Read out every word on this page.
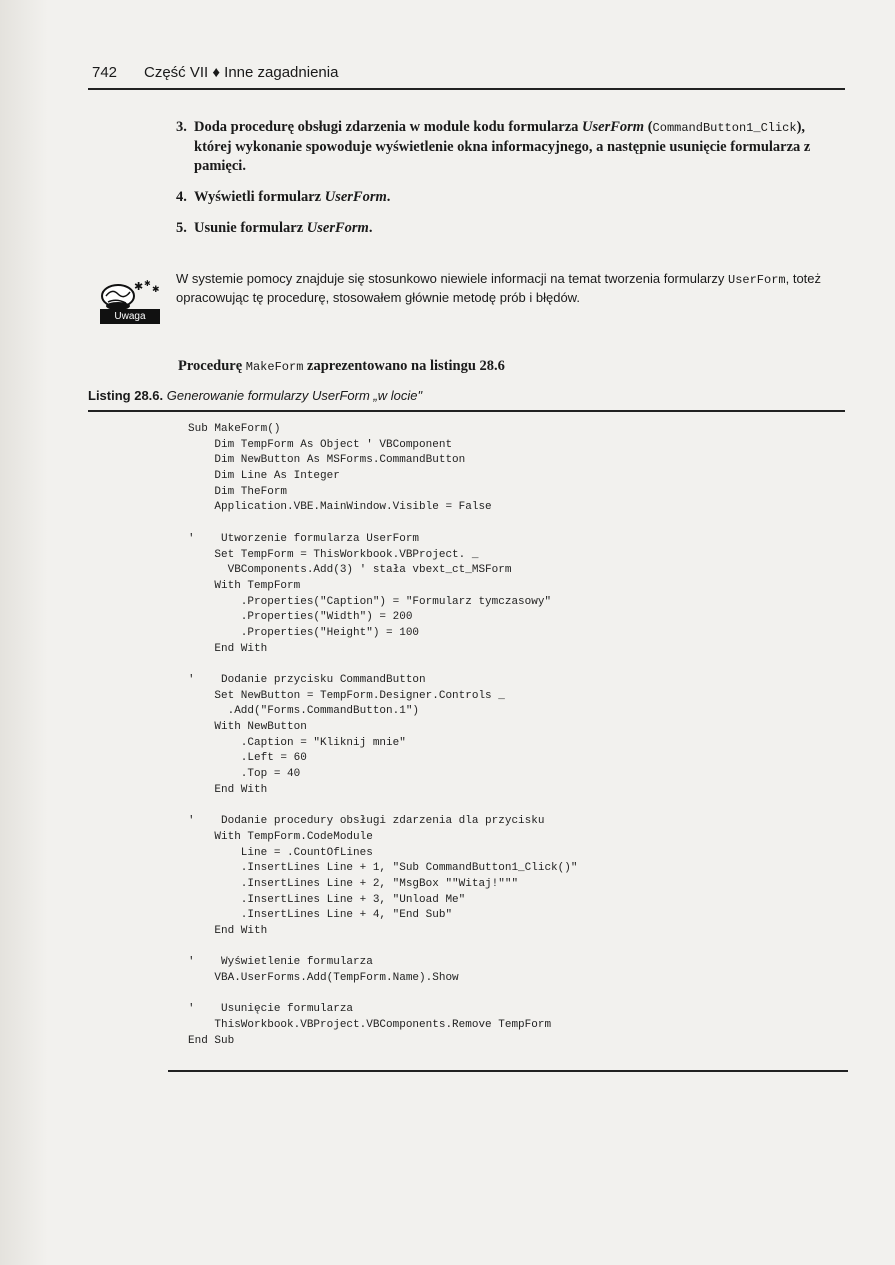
742 Część VII ♦ Inne zagadnienia
3. Doda procedurę obsługi zdarzenia w module kodu formularza UserForm (CommandButton1_Click), której wykonanie spowoduje wyświetlenie okna informacyjnego, a następnie usunięcie formularza z pamięci.
4. Wyświetli formularz UserForm.
5. Usunie formularz UserForm.
✱ ✱
✱
Uwaga
W systemie pomocy znajduje się stosunkowo niewiele informacji na temat tworzenia formularzy UserForm, toteż opracowując tę procedurę, stosowałem głównie metodę prób i błędów.
Procedurę MakeForm zaprezentowano na listingu 28.6
Listing 28.6. Generowanie formularzy UserForm „w locie"
Sub MakeForm()
Dim TempForm As Object ' VBComponent
Dim NewButton As MSForms.CommandButton
Dim Line As Integer
Dim TheForm
Application.VBE.MainWindow.Visible = False
'    Utworzenie formularza UserForm
Set TempForm = ThisWorkbook.VBProject. _
VBComponents.Add(3) ' stała vbext_ct_MSForm
With TempForm
.Properties("Caption") = "Formularz tymczasowy"
.Properties("Width") = 200
.Properties("Height") = 100
End With
'    Dodanie przycisku CommandButton
Set NewButton = TempForm.Designer.Controls _
.Add("Forms.CommandButton.1")
With NewButton
.Caption = "Kliknij mnie"
.Left = 60
.Top = 40
End With
'    Dodanie procedury obsługi zdarzenia dla przycisku
With TempForm.CodeModule
Line = .CountOfLines
.InsertLines Line + 1, "Sub CommandButton1_Click()"
.InsertLines Line + 2, "MsgBox ""Witaj!"""
.InsertLines Line + 3, "Unload Me"
.InsertLines Line + 4, "End Sub"
End With
'    Wyświetlenie formularza
VBA.UserForms.Add(TempForm.Name).Show
'    Usunięcie formularza
ThisWorkbook.VBProject.VBComponents.Remove TempForm
End Sub
